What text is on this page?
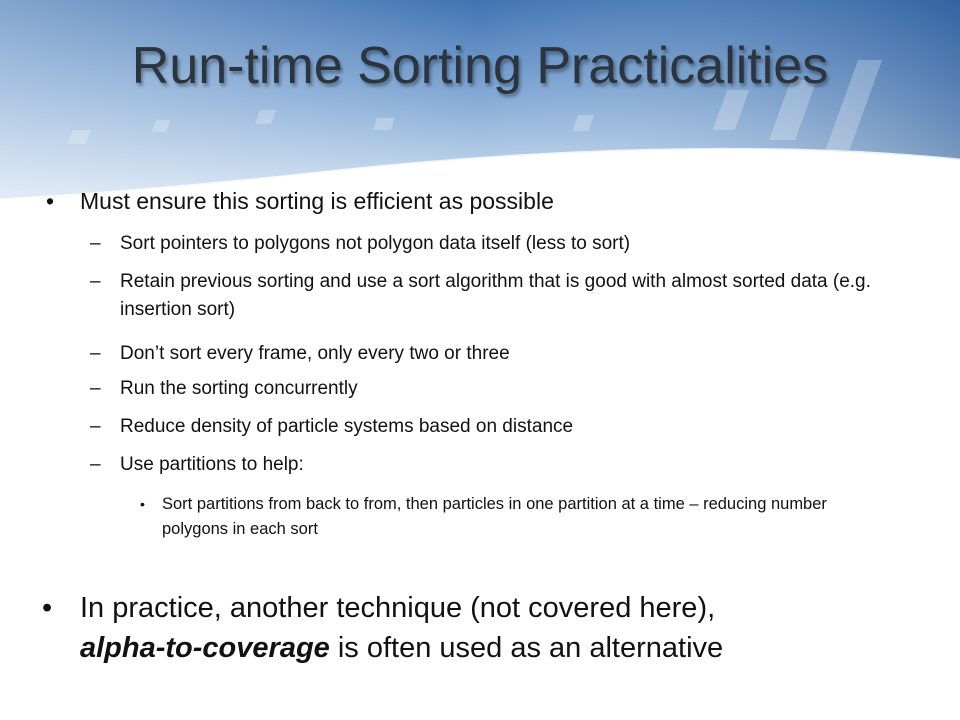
Run-time Sorting Practicalities
• Must ensure this sorting is efficient as possible
– Sort pointers to polygons not polygon data itself (less to sort)
– Retain previous sorting and use a sort algorithm that is good with almost sorted data (e.g. insertion sort)
– Don’t sort every frame, only every two or three
– Run the sorting concurrently
– Reduce density of particle systems based on distance
– Use partitions to help:
• Sort partitions from back to from, then particles in one partition at a time – reducing number polygons in each sort
• In practice, another technique (not covered here),
alpha-to-coverage is often used as an alternative
